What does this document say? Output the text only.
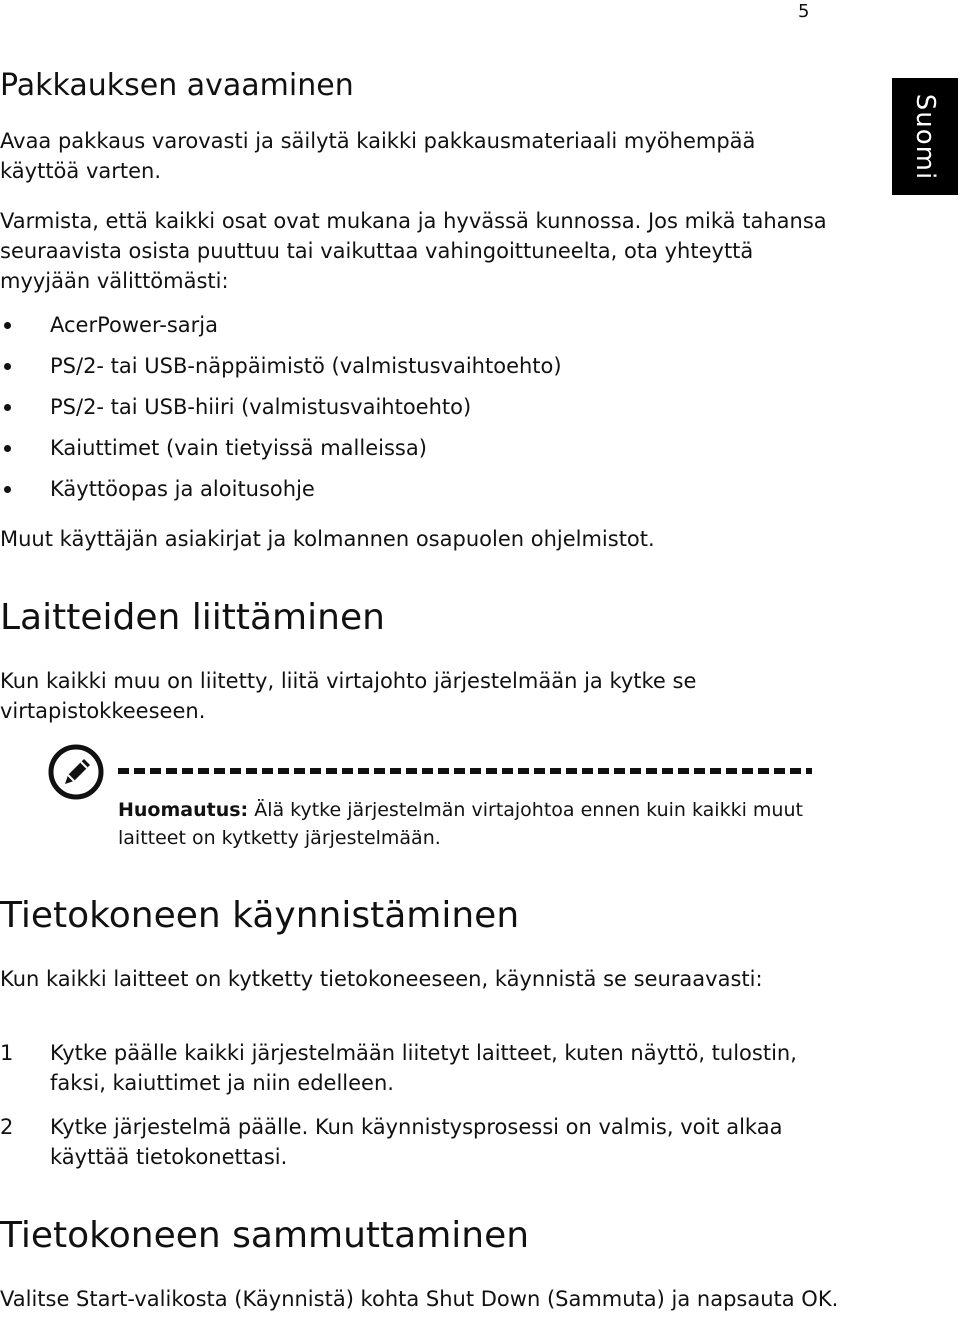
5
Suomi
Pakkauksen avaaminen

Avaa pakkaus varovasti ja säilytä kaikki pakkausmateriaali myöhempää käyttöä varten.

Varmista, että kaikki osat ovat mukana ja hyvässä kunnossa. Jos mikä tahansa seuraavista osista puuttuu tai vaikuttaa vahingoittuneelta, ota yhteyttä myyjään välittömästi:

AcerPower-sarja
PS/2- tai USB-näppäimistö (valmistusvaihtoehto)
PS/2- tai USB-hiiri (valmistusvaihtoehto)
Kaiuttimet (vain tietyissä malleissa)
Käyttöopas ja aloitusohje

Muut käyttäjän asiakirjat ja kolmannen osapuolen ohjelmistot.

Laitteiden liittäminen

Kun kaikki muu on liitetty, liitä virtajohto järjestelmään ja kytke se virtapistokkeeseen.

Huomautus: Älä kytke järjestelmän virtajohtoa ennen kuin kaikki muut laitteet on kytketty järjestelmään.

Tietokoneen käynnistäminen

Kun kaikki laitteet on kytketty tietokoneeseen, käynnistä se seuraavasti:

1 Kytke päälle kaikki järjestelmään liitetyt laitteet, kuten näyttö, tulostin, faksi, kaiuttimet ja niin edelleen.
2 Kytke järjestelmä päälle. Kun käynnistysprosessi on valmis, voit alkaa käyttää tietokonettasi.
Tietokoneen sammuttaminen

Valitse Start-valikosta (Käynnistä) kohta Shut Down (Sammuta) ja napsauta OK.
